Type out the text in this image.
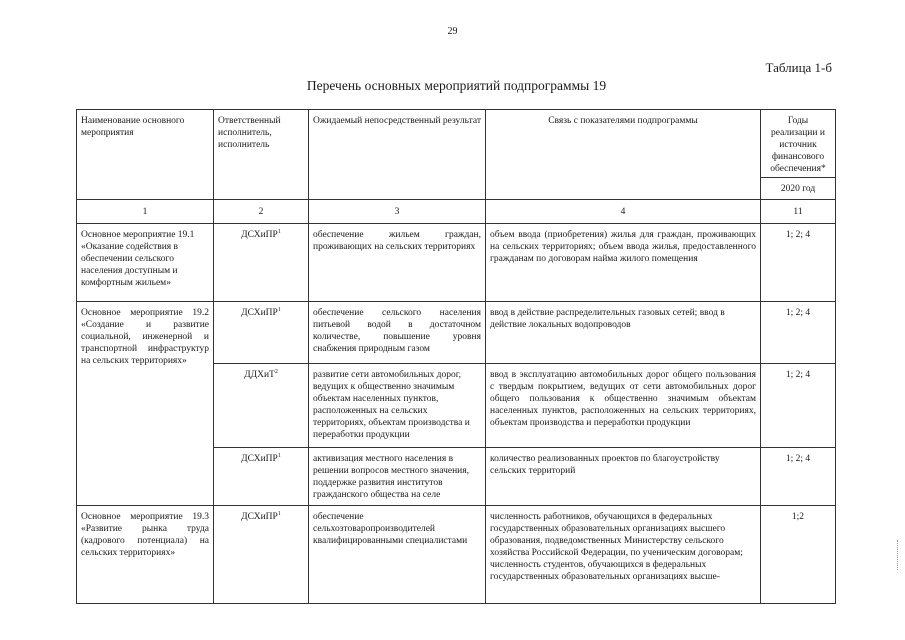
29
Таблица 1-б
Перечень основных мероприятий подпрограммы 19
Наименование основного мероприятия	Ответственный исполнитель, исполнитель	Ожидаемый непосредственный результат	Связь с показателями подпрограммы	Годы реализации и источник финансового обеспечения*
				2020 год
1	2	3	4	11
Основное мероприятие 19.1 «Оказание содействия в обеспечении сельского населения доступным и комфортным жильем»	ДСХиПР$^1$	обеспечение жильем граждан, проживающих на сельских территориях	объем ввода (приобретения) жилья для граждан, проживающих на сельских территориях; объем ввода жилья, предоставленного гражданам по договорам найма жилого помещения	1; 2; 4
Основное мероприятие 19.2 «Создание и развитие социальной, инженерной и транспортной инфраструктур на сельских территориях»	ДСХиПР$^1$	обеспечение сельского населения питьевой водой в достаточном количестве, повышение уровня снабжения природным газом	ввод в действие распределительных газовых сетей; ввод в действие локальных водопроводов	1; 2; 4
	ДДХиТ$^2$	развитие сети автомобильных дорог, ведущих к общественно значимым объектам населенных пунктов, расположенных на сельских территориях, объектам производства и переработки продукции	ввод в эксплуатацию автомобильных дорог общего пользования с твердым покрытием, ведущих от сети автомобильных дорог общего пользования к общественно значимым объектам населенных пунктов, расположенных на сельских территориях, объектам производства и переработки продукции	1; 2; 4
	ДСХиПР$^1$	активизация местного населения в решении вопросов местного значения, поддержке развития институтов гражданского общества на селе	количество реализованных проектов по благоустройству сельских территорий	1; 2; 4
Основное мероприятие 19.3 «Развитие рынка труда (кадрового потенциала) на сельских территориях»	ДСХиПР$^1$	обеспечение сельхозтоваропроизводителей квалифицированными специалистами	численность работников, обучающихся в федеральных государственных образовательных организациях высшего образования, подведомственных Министерству сельского хозяйства Российской Федерации, по ученическим договорам; численность студентов, обучающихся в федеральных государственных образовательных организациях высше-	1;2
